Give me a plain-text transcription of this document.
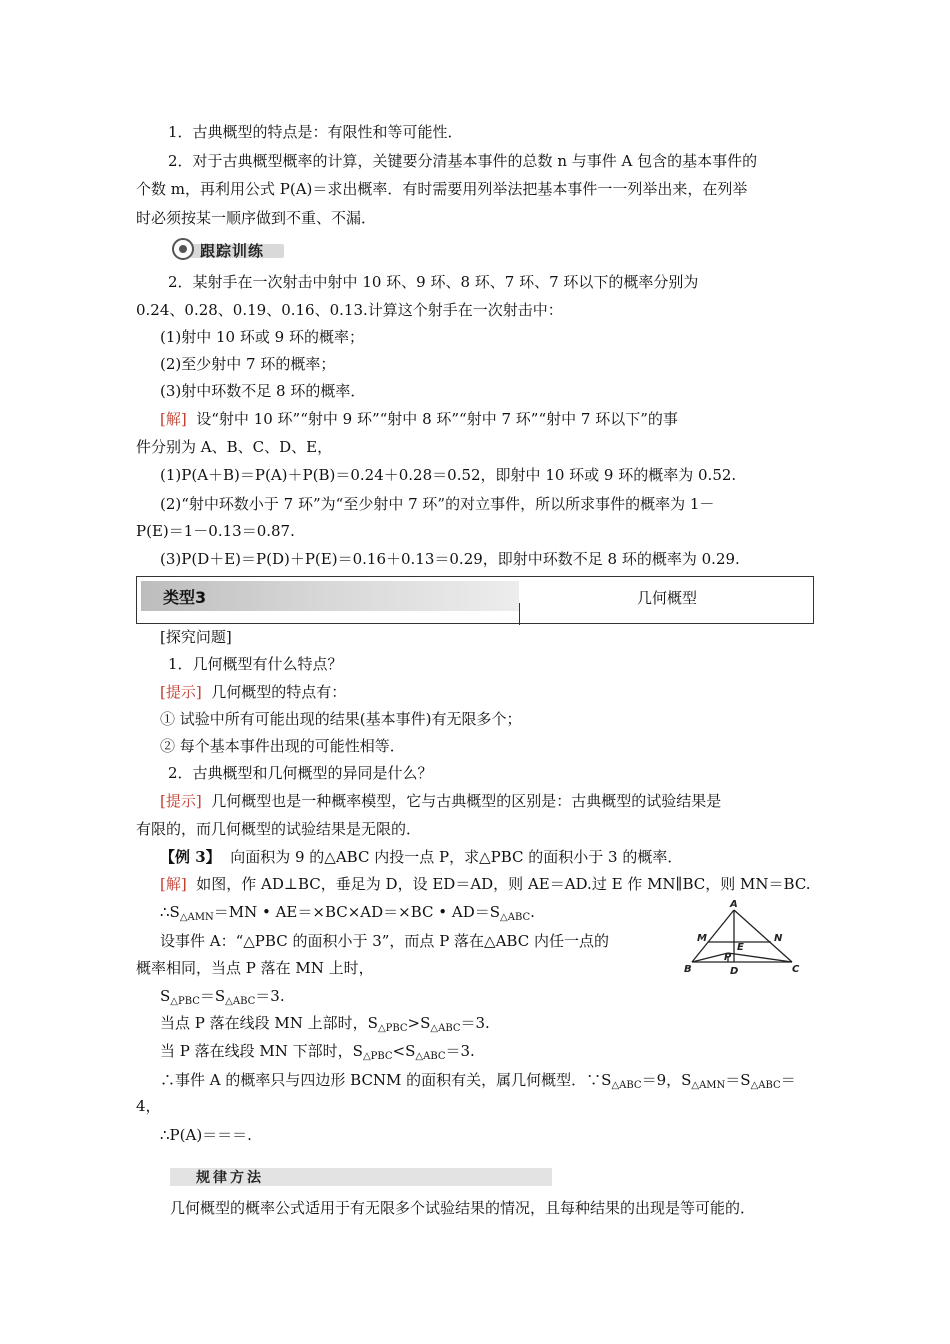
1．古典概型的特点是：有限性和等可能性．
2．对于古典概型概率的计算，关键要分清基本事件的总数 n 与事件 A 包含的基本事件的
个数 m，再利用公式 P(A)＝求出概率．有时需要用列举法把基本事件一一列举出来，在列举
时必须按某一顺序做到不重、不漏．
跟踪训练
2．某射手在一次射击中射中 10 环、9 环、8 环、7 环、7 环以下的概率分别为
0.24、0.28、0.19、0.16、0.13.计算这个射手在一次射击中：
(1)射中 10 环或 9 环的概率；
(2)至少射中 7 环的概率；
(3)射中环数不足 8 环的概率．
[解] 设“射中 10 环”“射中 9 环”“射中 8 环”“射中 7 环”“射中 7 环以下”的事
件分别为 A、B、C、D、E，
(1)P(A＋B)＝P(A)＋P(B)＝0.24＋0.28＝0.52，即射中 10 环或 9 环的概率为 0.52.
(2)“射中环数小于 7 环”为“至少射中 7 环”的对立事件，所以所求事件的概率为 1－
P(E)＝1－0.13＝0.87.
(3)P(D＋E)＝P(D)＋P(E)＝0.16＋0.13＝0.29，即射中环数不足 8 环的概率为 0.29.
类型3	几何概型
[探究问题]
1．几何概型有什么特点？
[提示] 几何概型的特点有：
① 试验中所有可能出现的结果(基本事件)有无限多个；
② 每个基本事件出现的可能性相等．
2．古典概型和几何概型的异同是什么？
[提示] 几何概型也是一种概率模型，它与古典概型的区别是：古典概型的试验结果是
有限的，而几何概型的试验结果是无限的．
【例 3】 向面积为 9 的△ABC 内投一点 P，求△PBC 的面积小于 3 的概率．
[解] 如图，作 AD⊥BC，垂足为 D，设 ED＝AD，则 AE＝AD.过 E 作 MN∥BC，则 MN＝BC.
$\therefore S_{\triangle AMN}=MN$ • AE＝×BC×AD＝×BC • $AD=S_{\triangle ABC}$.
设事件 A：“△PBC 的面积小于 3”，而点 P 落在△ABC 内任一点的
概率相同，当点 P 落在 MN 上时，
$S_{\triangle PBC}=S_{\triangle ABC}=3$.
当点 P 落在线段 MN 上部时，$S_{\triangle PBC}>S_{\triangle ABC}=3$.
当 P 落在线段 MN 下部时，$S_{\triangle PBC}<S_{\triangle ABC}=3$.
∴事件 A 的概率只与四边形 BCNM 的面积有关，属几何概型．$\because S_{\triangle ABC}=9$，$S_{\triangle AMN}=S_{\triangle ABC}=$
4，
∴P(A)＝＝＝.
A
M
E
N
P
B	D	C
规律方法
几何概型的概率公式适用于有无限多个试验结果的情况，且每种结果的出现是等可能的．
